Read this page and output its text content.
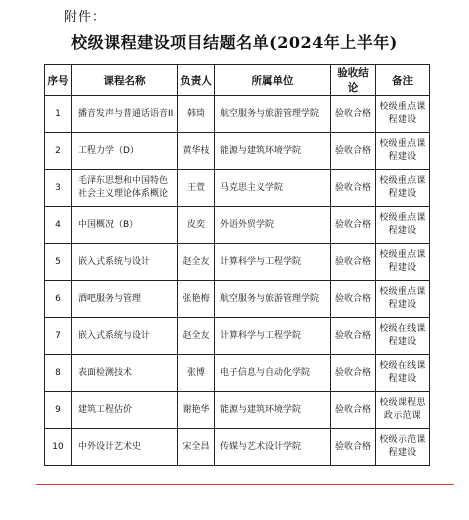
附件：
校级课程建设项目结题名单(2024年上半年)
序号	课程名称	负责人	所属单位	验收结论	备注
1	播音发声与普通话语音II	韩琦	航空服务与旅游管理学院	验收合格	校级重点课程建设
2	工程力学（D）	黄华枝	能源与建筑环境学院	验收合格	校级重点课程建设
3	毛泽东思想和中国特色社会主义理论体系概论	王萱	马克思主义学院	验收合格	校级重点课程建设
4	中国概况（B）	皮奕	外语外贸学院	验收合格	校级重点课程建设
5	嵌入式系统与设计	赵全友	计算科学与工程学院	验收合格	校级重点课程建设
6	酒吧服务与管理	张艳梅	航空服务与旅游管理学院	验收合格	校级重点课程建设
7	嵌入式系统与设计	赵全友	计算科学与工程学院	验收合格	校级在线课程建设
8	表面检测技术	张博	电子信息与自动化学院	验收合格	校级在线课程建设
9	建筑工程估价	谢艳华	能源与建筑环境学院	验收合格	校级课程思政示范课
10	中外设计艺术史	宋全昌	传媒与艺术设计学院	验收合格	校级示范课程建设
